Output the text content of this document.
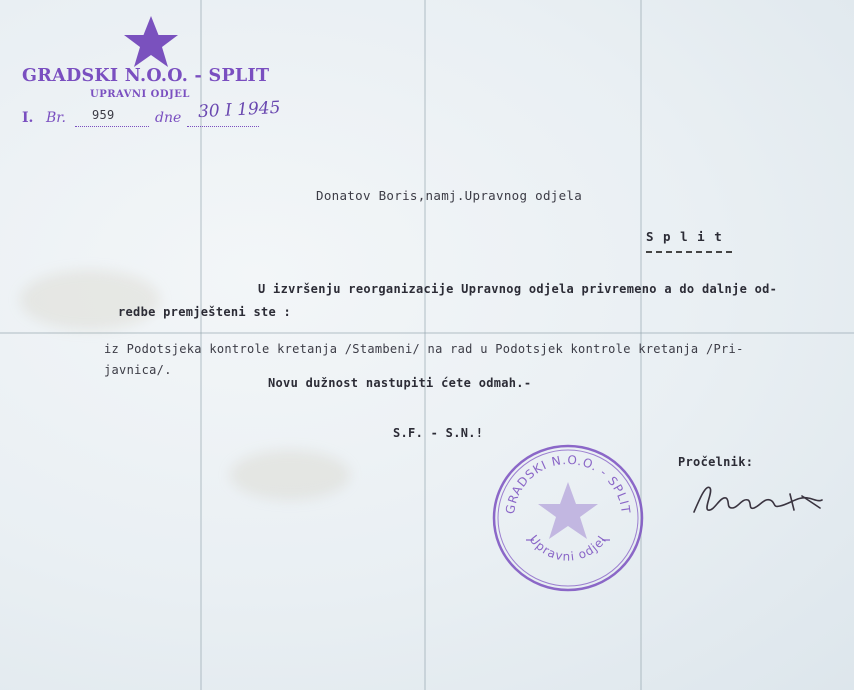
GRADSKI N.O.O. - SPLIT
UPRAVNI ODJEL
I. Br. 959	dne 30 I 1945
Donatov Boris,namj.Upravnog odjela
S p l i t
U izvršenju reorganizacije Upravnog odjela privremeno a do dalnje od-
redbe premješteni ste :
iz Podotsjeka kontrole kretanja /Stambeni/ na rad u Podotsjek kontrole kretanja /Pri-
javnica/.
Novu dužnost nastupiti ćete odmah.-
S.F. - S.N.!
Pročelnik:
GRADSKI N.O.O. - SPLIT
Upravni odjel
